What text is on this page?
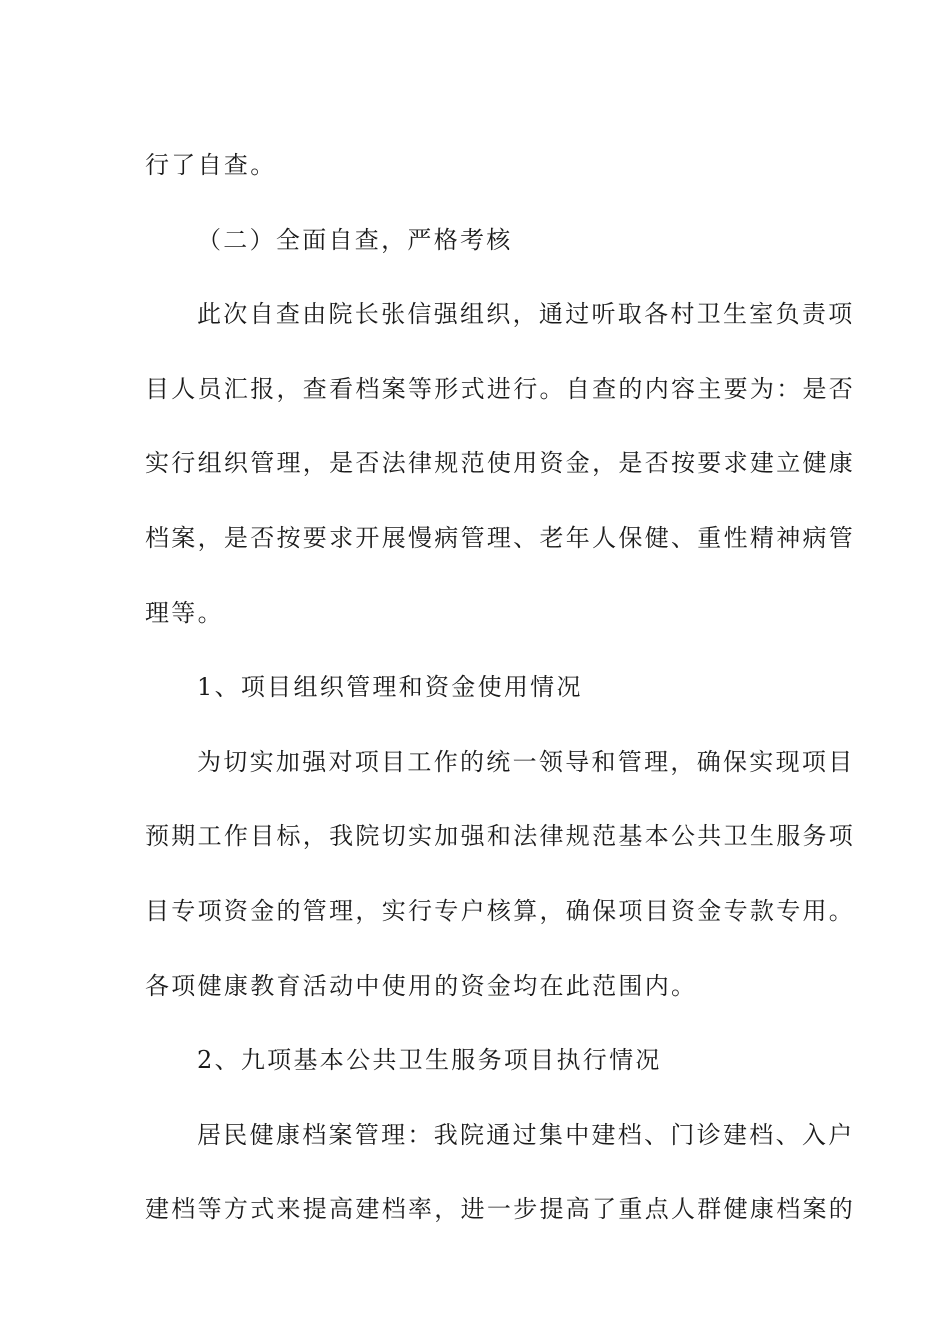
行了自查。

（二）全面自查，严格考核

此次自查由院长张信强组织，通过听取各村卫生室负责项
目人员汇报，查看档案等形式进行。自查的内容主要为：是否
实行组织管理，是否法律规范使用资金，是否按要求建立健康
档案，是否按要求开展慢病管理、老年人保健、重性精神病管
理等。

1、项目组织管理和资金使用情况

为切实加强对项目工作的统一领导和管理，确保实现项目
预期工作目标，我院切实加强和法律规范基本公共卫生服务项
目专项资金的管理，实行专户核算，确保项目资金专款专用。
各项健康教育活动中使用的资金均在此范围内。

2、九项基本公共卫生服务项目执行情况

居民健康档案管理：我院通过集中建档、门诊建档、入户
建档等方式来提高建档率，进一步提高了重点人群健康档案的
